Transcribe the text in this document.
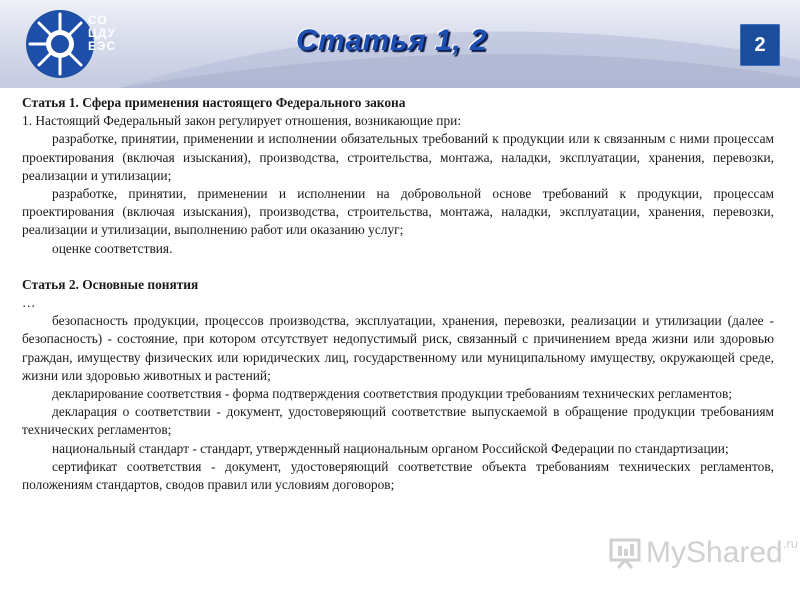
СО
ЦДУ
ЕЭС	Статья 1, 2	2
Статья 1. Сфера применения настоящего Федерального закона
1. Настоящий Федеральный закон регулирует отношения, возникающие при:
разработке, принятии, применении и исполнении обязательных требований к продукции или к связанным с ними процессам проектирования (включая изыскания), производства, строительства, монтажа, наладки, эксплуатации, хранения, перевозки, реализации и утилизации;
разработке, принятии, применении и исполнении на добровольной основе требований к продукции, процессам проектирования (включая изыскания), производства, строительства, монтажа, наладки, эксплуатации, хранения, перевозки, реализации и утилизации, выполнению работ или оказанию услуг;
оценке соответствия.
Статья 2. Основные понятия
…
безопасность продукции, процессов производства, эксплуатации, хранения, перевозки, реализации и утилизации (далее - безопасность) - состояние, при котором отсутствует недопустимый риск, связанный с причинением вреда жизни или здоровью граждан, имуществу физических или юридических лиц, государственному или муниципальному имуществу, окружающей среде, жизни или здоровью животных и растений;
декларирование соответствия - форма подтверждения соответствия продукции требованиям технических регламентов;
декларация о соответствии - документ, удостоверяющий соответствие выпускаемой в обращение продукции требованиям технических регламентов;
национальный стандарт - стандарт, утвержденный национальным органом Российской Федерации по стандартизации;
сертификат соответствия - документ, удостоверяющий соответствие объекта требованиям технических регламентов, положениям стандартов, сводов правил или условиям договоров;
MyShared$^{.ru}$
